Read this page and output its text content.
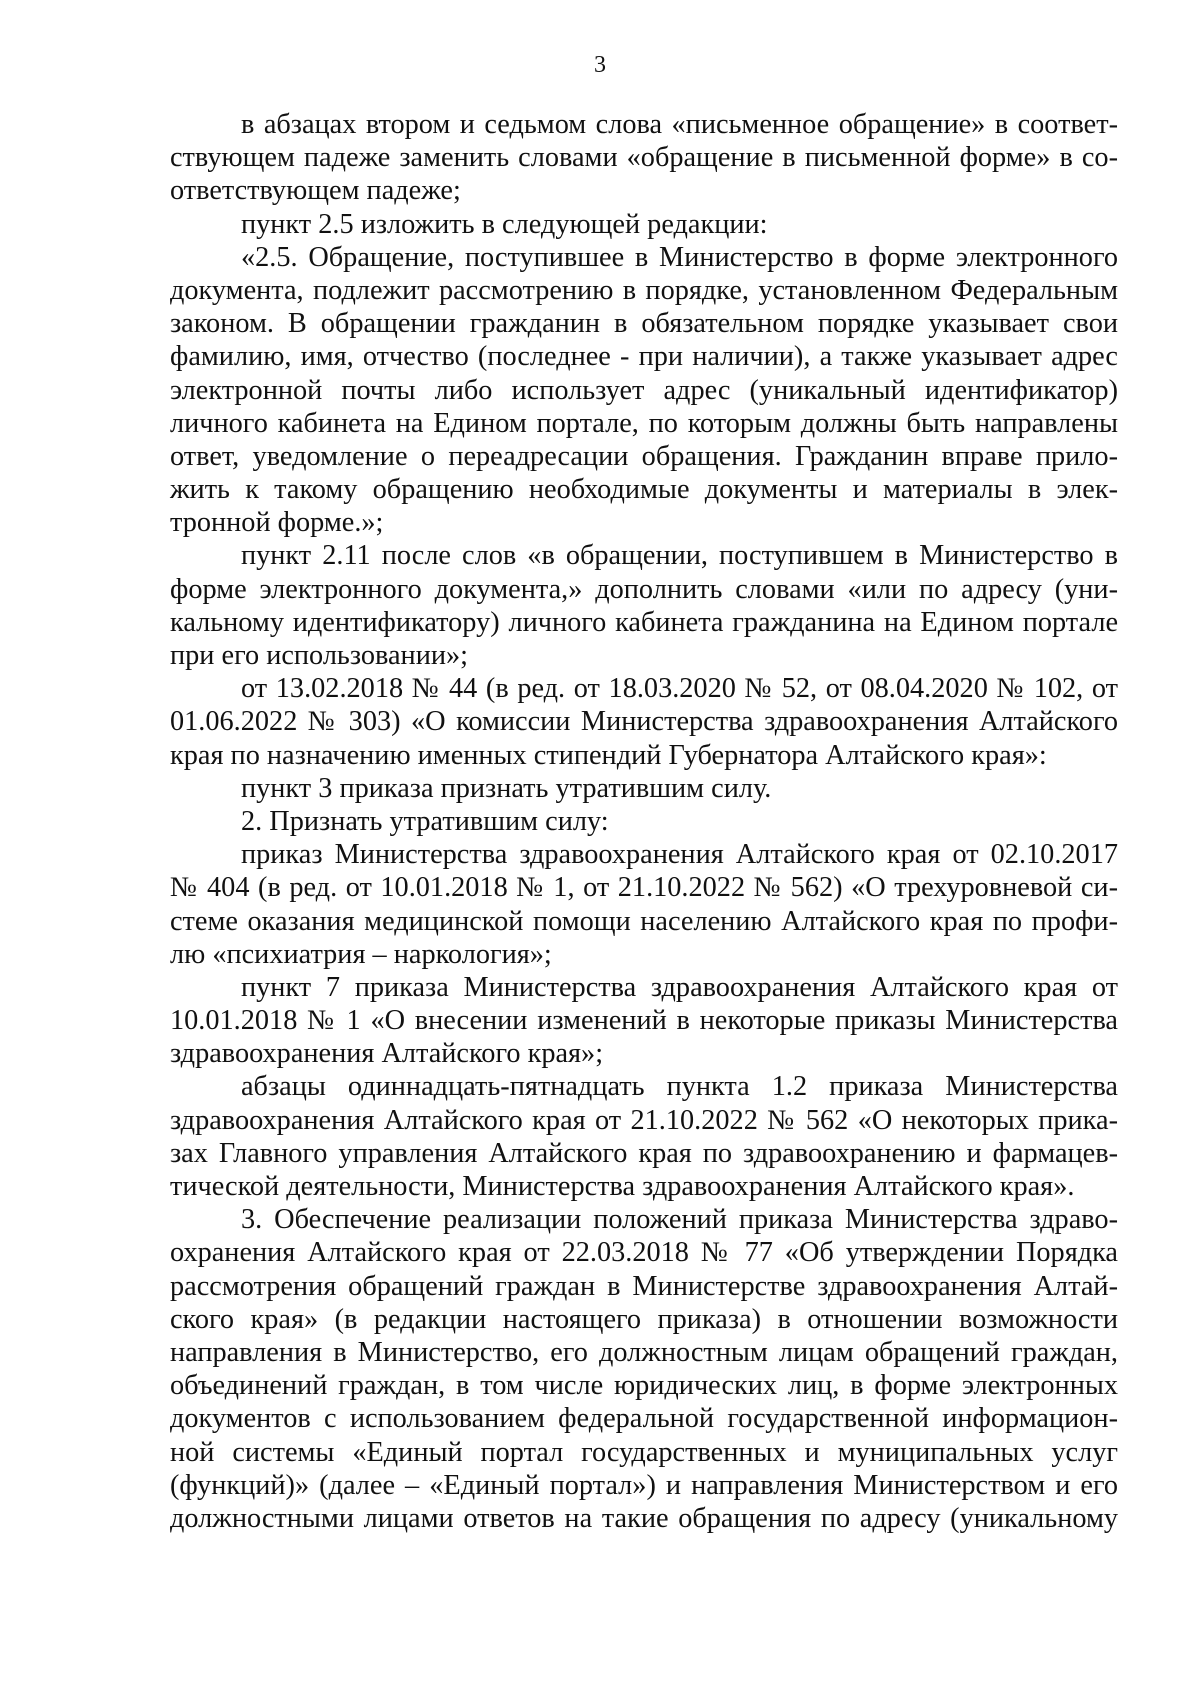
3
в абзацах втором и седьмом слова «письменное обращение» в соответ-
ствующем падеже заменить словами «обращение в письменной форме» в со-
ответствующем падеже;
пункт 2.5 изложить в следующей редакции:
«2.5. Обращение, поступившее в Министерство в форме электронного
документа, подлежит рассмотрению в порядке, установленном Федеральным
законом. В обращении гражданин в обязательном порядке указывает свои
фамилию, имя, отчество (последнее - при наличии), а также указывает адрес
электронной почты либо использует адрес (уникальный идентификатор)
личного кабинета на Едином портале, по которым должны быть направлены
ответ, уведомление о переадресации обращения. Гражданин вправе прило-
жить к такому обращению необходимые документы и материалы в элек-
тронной форме.»;
пункт 2.11 после слов «в обращении, поступившем в Министерство в
форме электронного документа,» дополнить словами «или по адресу (уни-
кальному идентификатору) личного кабинета гражданина на Едином портале
при его использовании»;
от 13.02.2018 № 44 (в ред. от 18.03.2020 № 52, от 08.04.2020 № 102, от
01.06.2022 № 303) «О комиссии Министерства здравоохранения Алтайского
края по назначению именных стипендий Губернатора Алтайского края»:
пункт 3 приказа признать утратившим силу.
2. Признать утратившим силу:
приказ Министерства здравоохранения Алтайского края от 02.10.2017
№ 404 (в ред. от 10.01.2018 № 1, от 21.10.2022 № 562) «О трехуровневой си-
стеме оказания медицинской помощи населению Алтайского края по профи-
лю «психиатрия – наркология»;
пункт 7 приказа Министерства здравоохранения Алтайского края от
10.01.2018 № 1 «О внесении изменений в некоторые приказы Министерства
здравоохранения Алтайского края»;
абзацы одиннадцать-пятнадцать пункта 1.2 приказа Министерства
здравоохранения Алтайского края от 21.10.2022 № 562 «О некоторых прика-
зах Главного управления Алтайского края по здравоохранению и фармацев-
тической деятельности, Министерства здравоохранения Алтайского края».
3. Обеспечение реализации положений приказа Министерства здраво-
охранения Алтайского края от 22.03.2018 № 77 «Об утверждении Порядка
рассмотрения обращений граждан в Министерстве здравоохранения Алтай-
ского края» (в редакции настоящего приказа) в отношении возможности
направления в Министерство, его должностным лицам обращений граждан,
объединений граждан, в том числе юридических лиц, в форме электронных
документов с использованием федеральной государственной информацион-
ной системы «Единый портал государственных и муниципальных услуг
(функций)» (далее – «Единый портал») и направления Министерством и его
должностными лицами ответов на такие обращения по адресу (уникальному
